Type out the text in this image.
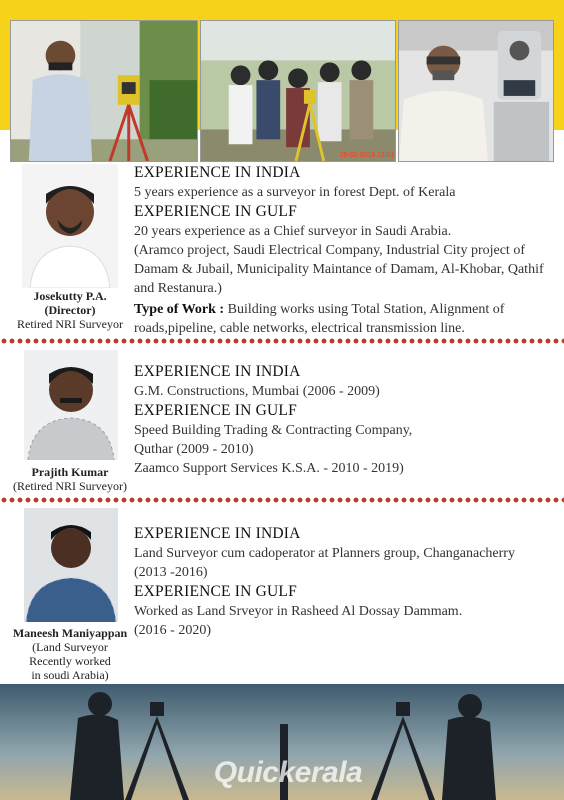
28-02-2019 13:01
Josekutty P.A.
(Director)
Retired NRI Surveyor
EXPERIENCE IN INDIA
5 years experience as a surveyor in forest Dept. of Kerala
EXPERIENCE IN GULF
20 years experience as a Chief surveyor in Saudi Arabia.
(Aramco project, Saudi Electrical Company, Industrial City project of Damam & Jubail, Municipality Maintance of Damam, Al-Khobar, Qathif and Restanura.)
Type of Work : Building works using Total Station, Alignment of roads,pipeline, cable networks, electrical transmission line.
Prajith Kumar
(Retired NRI Surveyor)
EXPERIENCE IN INDIA
G.M. Constructions, Mumbai (2006 - 2009)
EXPERIENCE IN GULF
Speed Building Trading & Contracting Company,
Quthar (2009 - 2010)
Zaamco Support Services K.S.A. - 2010 - 2019)
Maneesh Maniyappan
(Land Surveyor
Recently worked
in soudi Arabia)
EXPERIENCE IN INDIA
Land Surveyor cum cadoperator at Planners group, Changanacherry
(2013 -2016)
EXPERIENCE IN GULF
Worked as Land Srveyor in Rasheed Al Dossay Dammam.
(2016 - 2020)
Quickerala
